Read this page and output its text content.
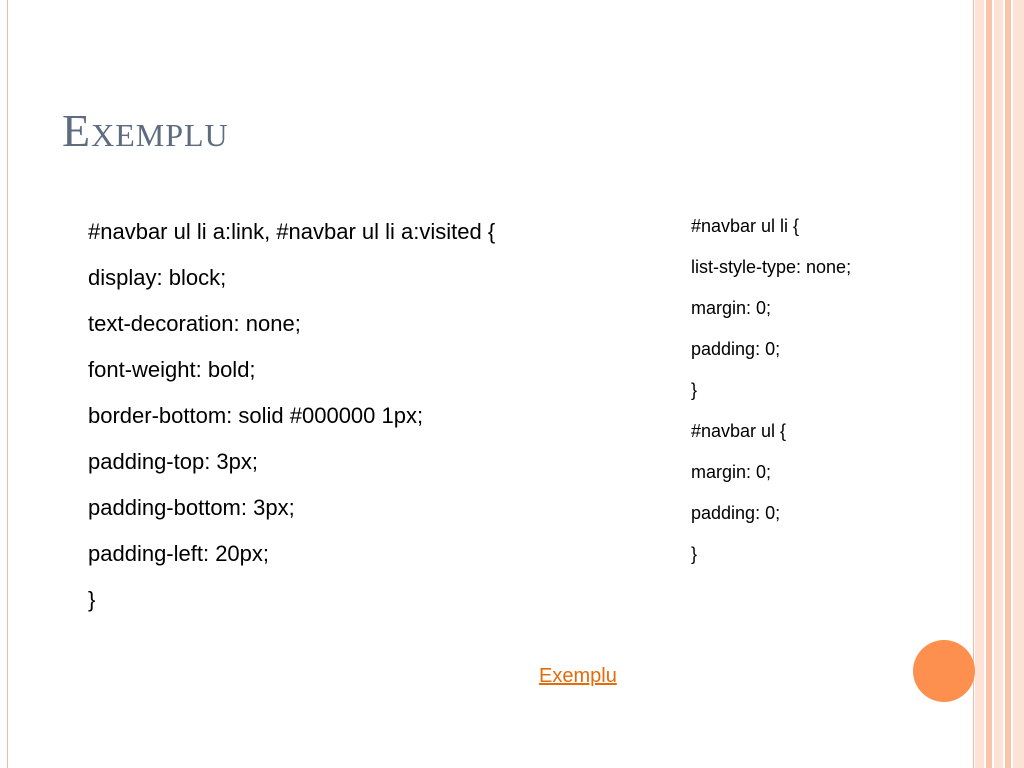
Exemplu
#navbar ul li a:link, #navbar ul li a:visited {
display: block;
text-decoration: none;
font-weight: bold;
border-bottom: solid #000000 1px;
padding-top: 3px;
padding-bottom: 3px;
padding-left: 20px;
}
#navbar ul li {
list-style-type: none;
margin: 0;
padding: 0;
}
#navbar ul {
margin: 0;
padding: 0;
}
Exemplu
